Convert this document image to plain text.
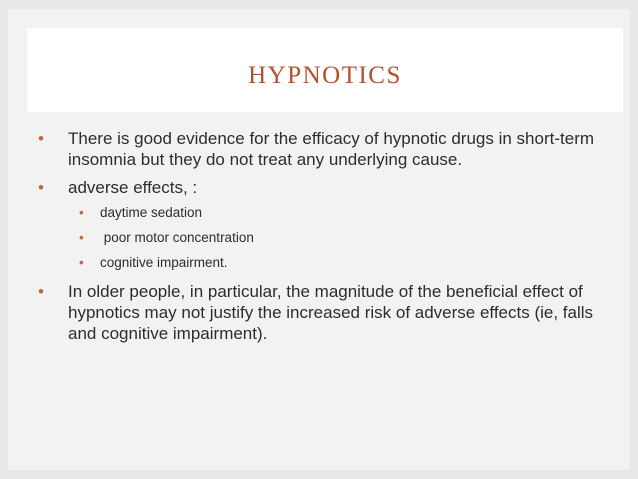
HYPNOTICS
• There is good evidence for the efficacy of hypnotic drugs in short-term insomnia but they do not treat any underlying cause.
• adverse effects, :
• daytime sedation
• poor motor concentration
• cognitive impairment.
• In older people, in particular, the magnitude of the beneficial effect of hypnotics may not justify the increased risk of adverse effects (ie, falls and cognitive impairment).
